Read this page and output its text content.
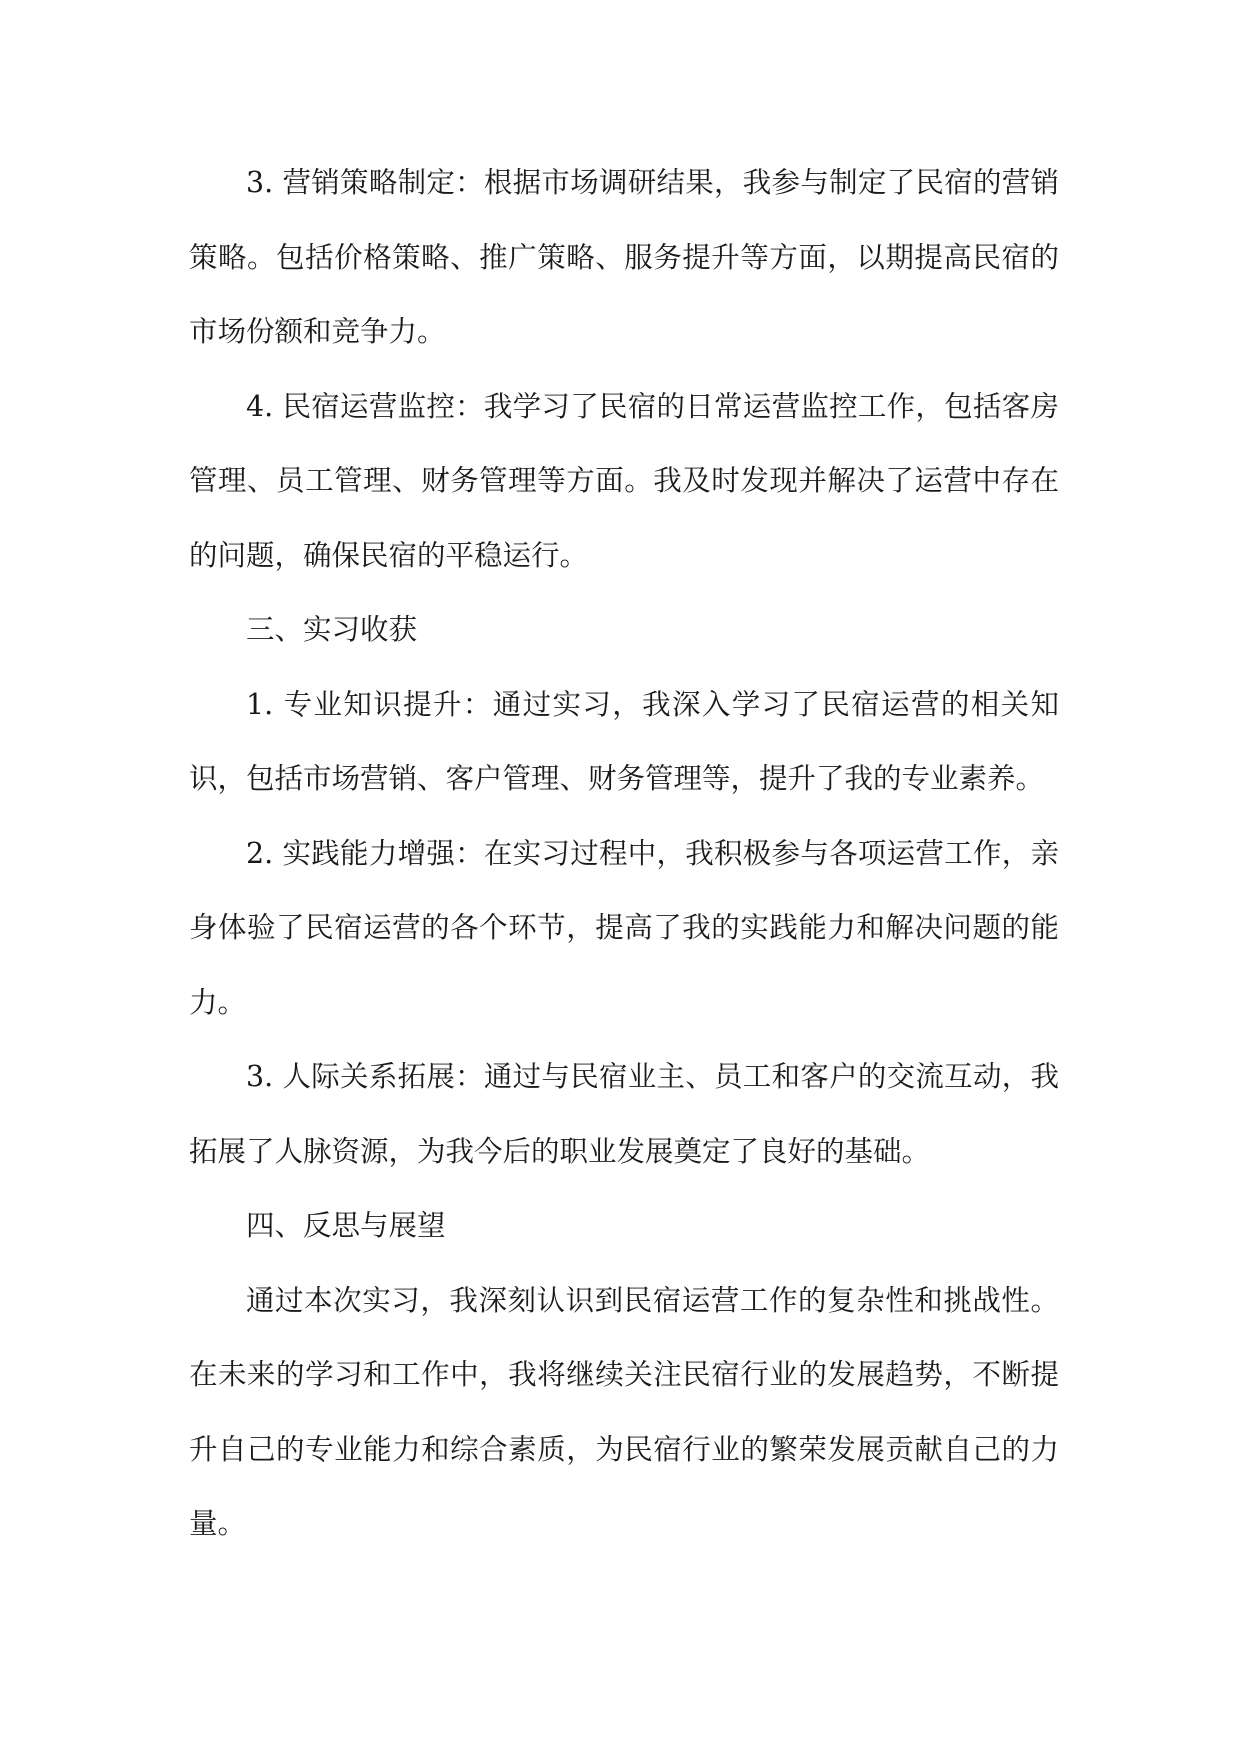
3. 营销策略制定：根据市场调研结果，我参与制定了民宿的营销策略。包括价格策略、推广策略、服务提升等方面，以期提高民宿的市场份额和竞争力。

4. 民宿运营监控：我学习了民宿的日常运营监控工作，包括客房管理、员工管理、财务管理等方面。我及时发现并解决了运营中存在的问题，确保民宿的平稳运行。

三、实习收获

1. 专业知识提升：通过实习，我深入学习了民宿运营的相关知识，包括市场营销、客户管理、财务管理等，提升了我的专业素养。

2. 实践能力增强：在实习过程中，我积极参与各项运营工作，亲身体验了民宿运营的各个环节，提高了我的实践能力和解决问题的能力。

3. 人际关系拓展：通过与民宿业主、员工和客户的交流互动，我拓展了人脉资源，为我今后的职业发展奠定了良好的基础。

四、反思与展望

通过本次实习，我深刻认识到民宿运营工作的复杂性和挑战性。在未来的学习和工作中，我将继续关注民宿行业的发展趋势，不断提升自己的专业能力和综合素质，为民宿行业的繁荣发展贡献自己的力量。
